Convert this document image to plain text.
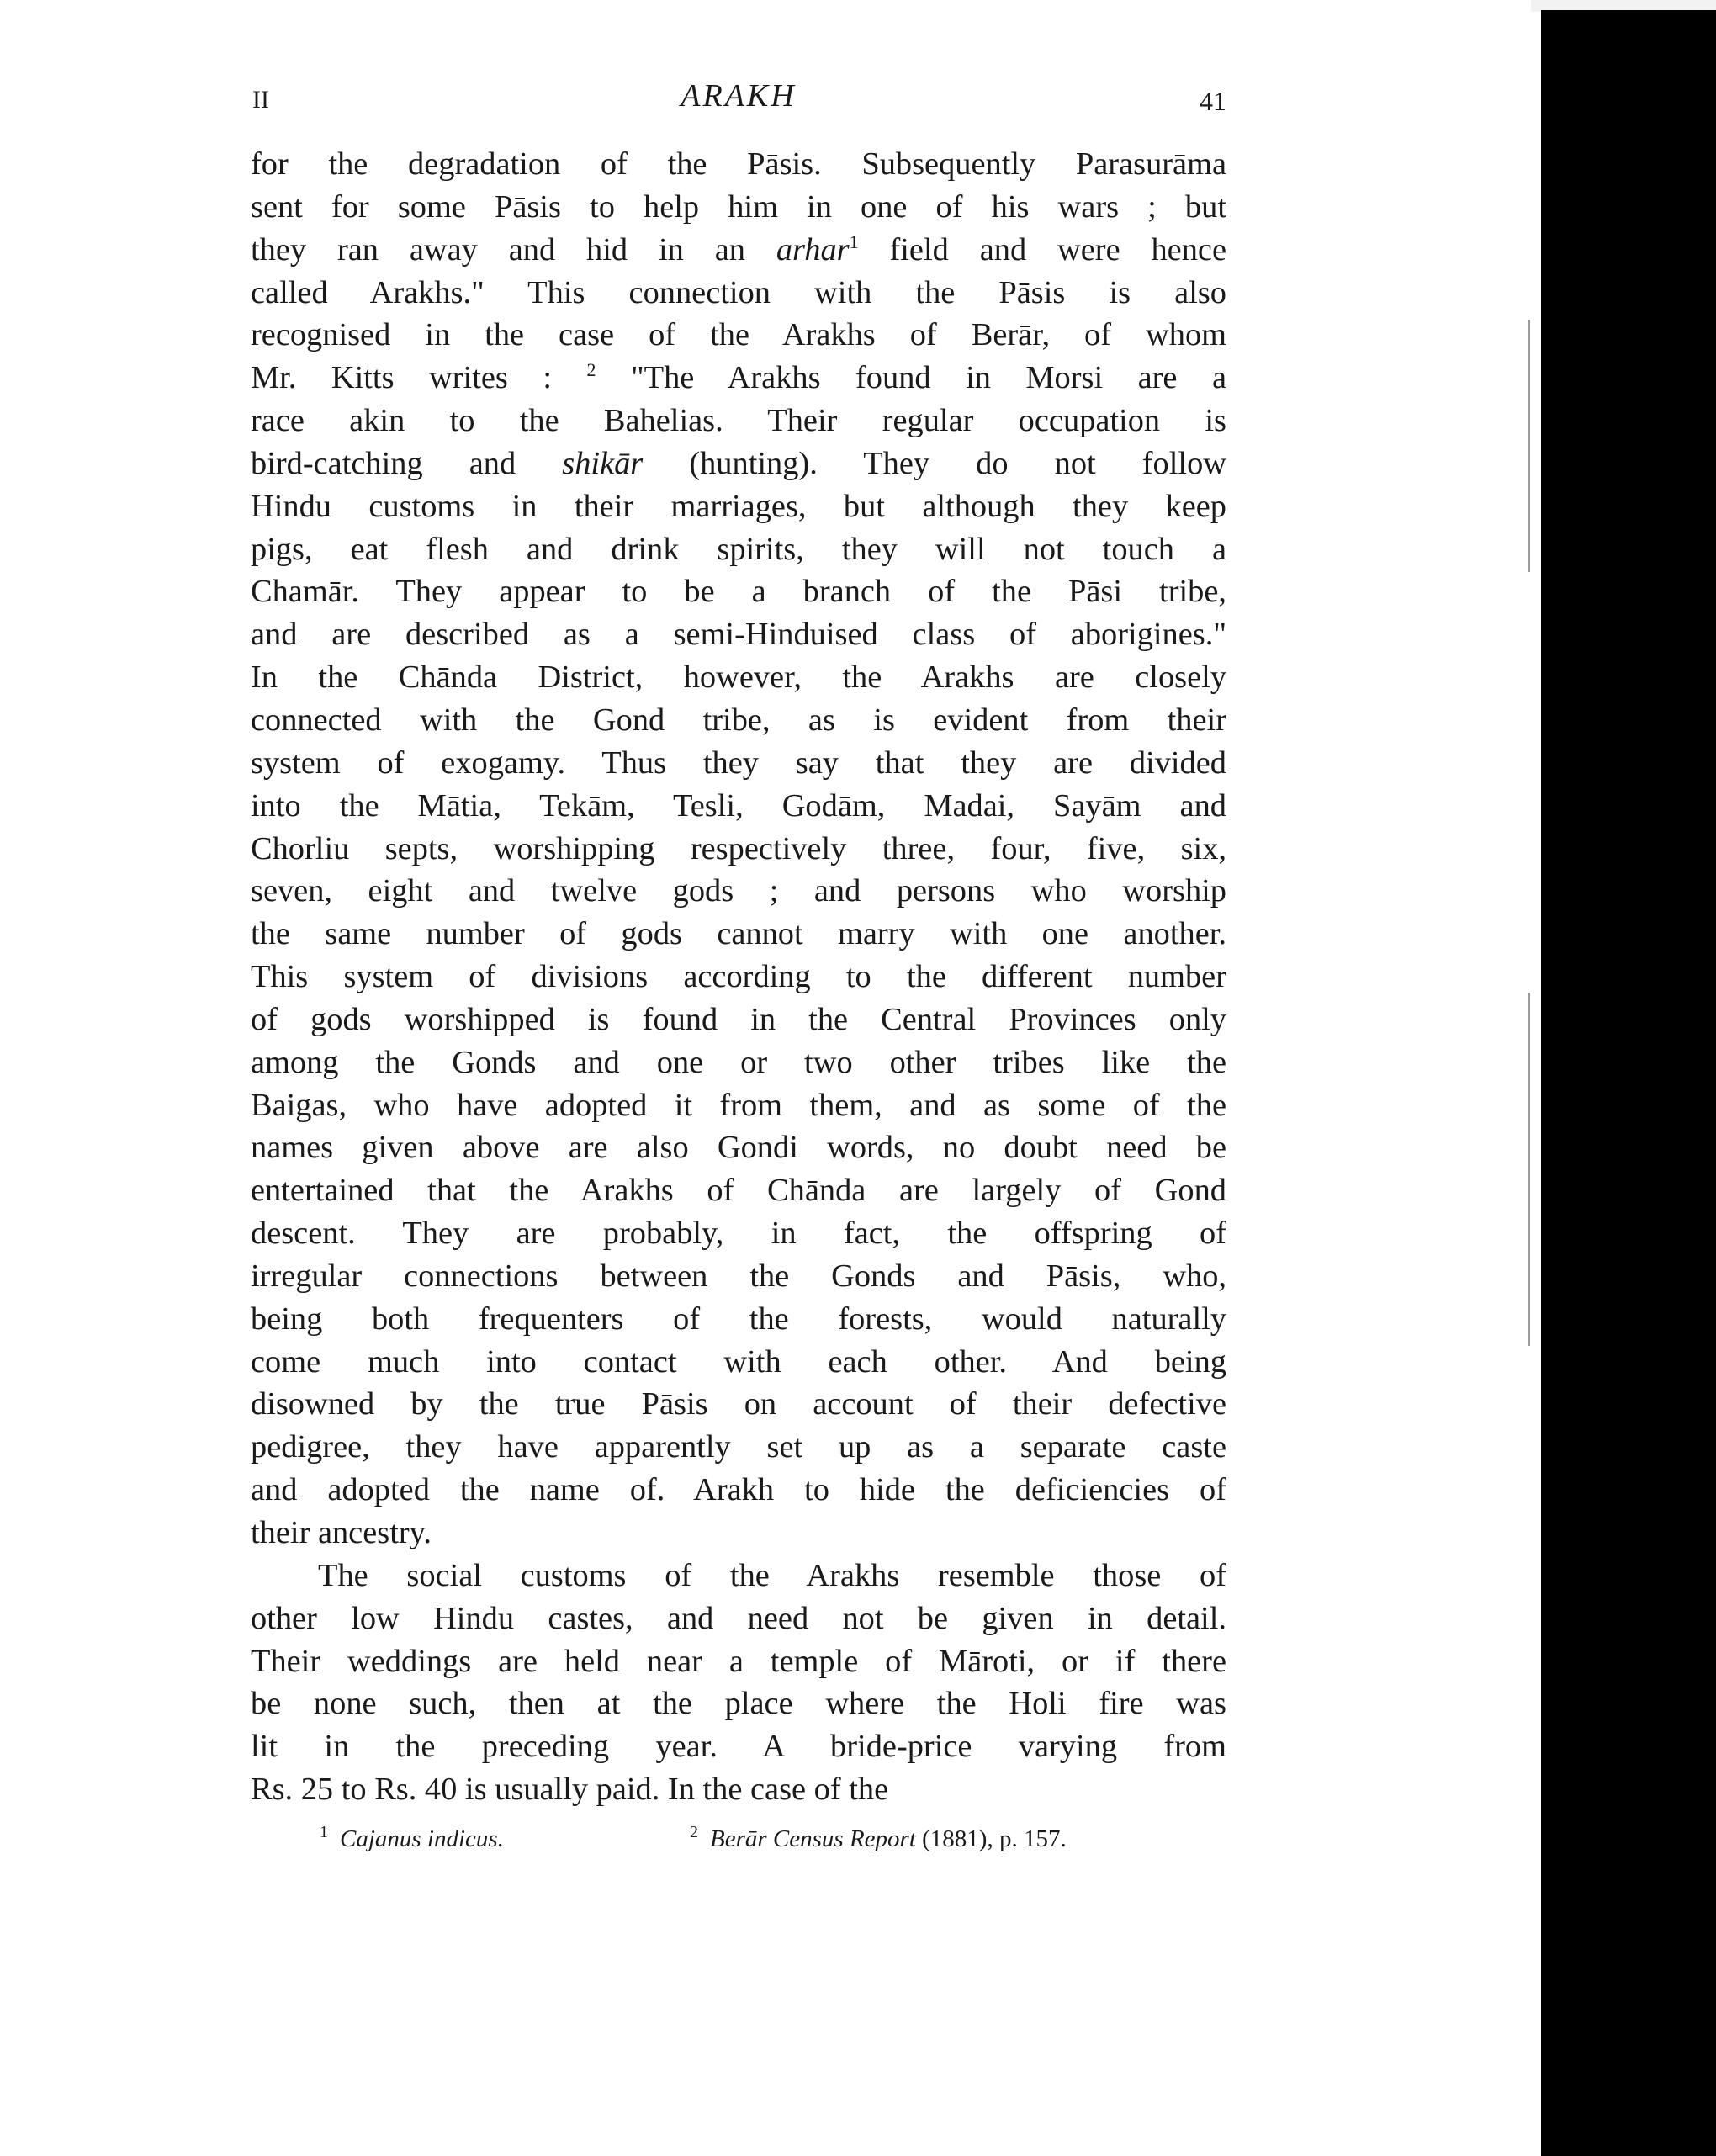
II	ARAKH	41
for the degradation of the Pāsis. Subsequently Parasurāma
sent for some Pāsis to help him in one of his wars ; but
they ran away and hid in an arhar$^1$ field and were hence
called Arakhs." This connection with the Pāsis is also
recognised in the case of the Arakhs of Berār, of whom
Mr. Kitts writes : $^2$ "The Arakhs found in Morsi are a
race akin to the Bahelias. Their regular occupation is
bird-catching and shikār (hunting). They do not follow
Hindu customs in their marriages, but although they keep
pigs, eat flesh and drink spirits, they will not touch a
Chamār. They appear to be a branch of the Pāsi tribe,
and are described as a semi-Hinduised class of aborigines."
In the Chānda District, however, the Arakhs are closely
connected with the Gond tribe, as is evident from their
system of exogamy. Thus they say that they are divided
into the Mātia, Tekām, Tesli, Godām, Madai, Sayām and
Chorliu septs, worshipping respectively three, four, five, six,
seven, eight and twelve gods ; and persons who worship
the same number of gods cannot marry with one another.
This system of divisions according to the different number
of gods worshipped is found in the Central Provinces only
among the Gonds and one or two other tribes like the
Baigas, who have adopted it from them, and as some of the
names given above are also Gondi words, no doubt need be
entertained that the Arakhs of Chānda are largely of Gond
descent. They are probably, in fact, the offspring of
irregular connections between the Gonds and Pāsis, who,
being both frequenters of the forests, would naturally
come much into contact with each other. And being
disowned by the true Pāsis on account of their defective
pedigree, they have apparently set up as a separate caste
and adopted the name of. Arakh to hide the deficiencies of
their ancestry.
The social customs of the Arakhs resemble those of
other low Hindu castes, and need not be given in detail.
Their weddings are held near a temple of Māroti, or if there
be none such, then at the place where the Holi fire was
lit in the preceding year. A bride-price varying from
Rs. 25 to Rs. 40 is usually paid. In the case of the
$^1$ Cajanus indicus.	$^2$ Berār Census Report (1881), p. 157.
